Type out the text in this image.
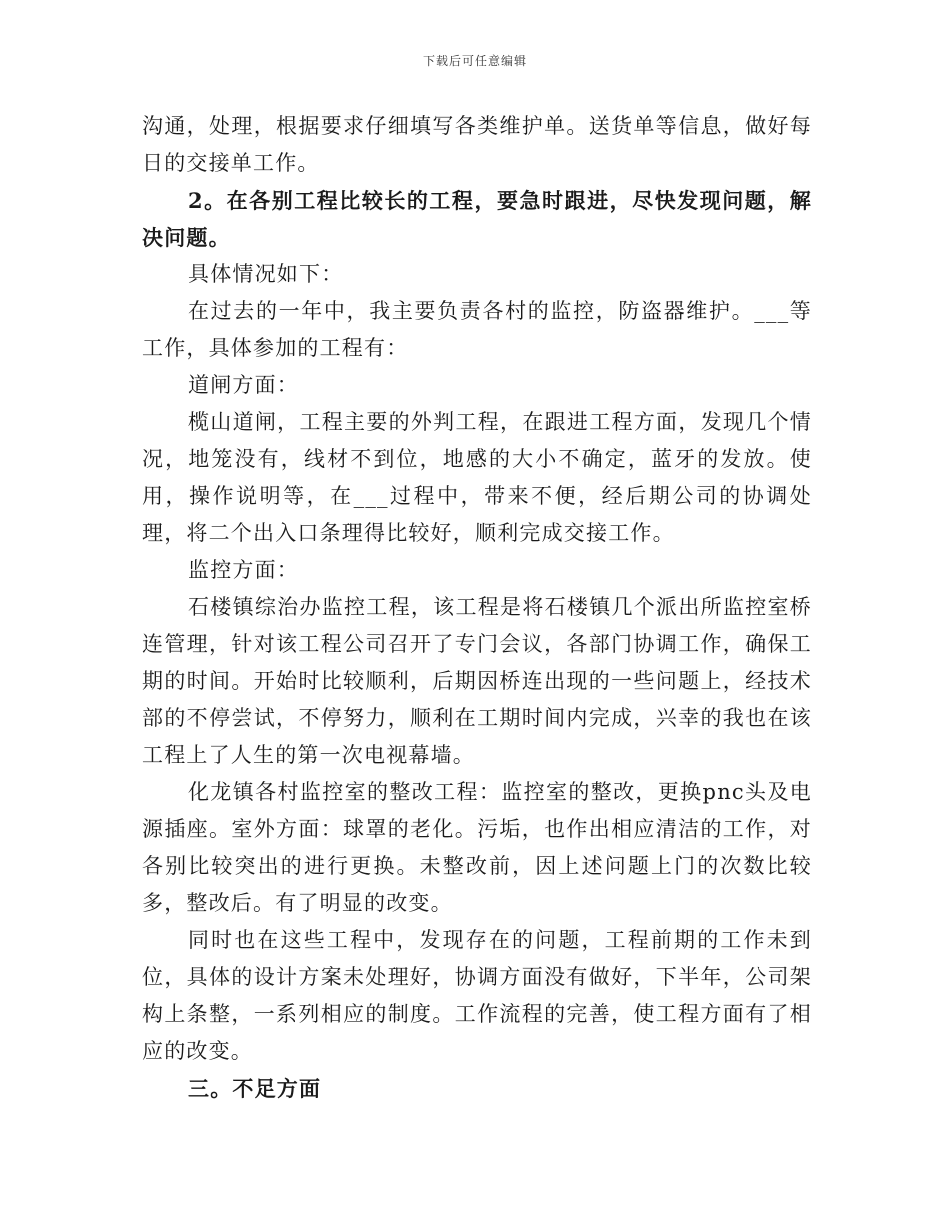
下载后可任意编辑

沟通，处理，根据要求仔细填写各类维护单。送货单等信息，做好每日的交接单工作。

2。在各别工程比较长的工程，要急时跟进，尽快发现问题，解决问题。

具体情况如下：

在过去的一年中，我主要负责各村的监控，防盗器维护。___等工作，具体参加的工程有：

道闸方面：

榄山道闸，工程主要的外判工程，在跟进工程方面，发现几个情况，地笼没有，线材不到位，地感的大小不确定，蓝牙的发放。使用，操作说明等，在___过程中，带来不便，经后期公司的协调处理，将二个出入口条理得比较好，顺利完成交接工作。

监控方面：

石楼镇综治办监控工程，该工程是将石楼镇几个派出所监控室桥连管理，针对该工程公司召开了专门会议，各部门协调工作，确保工期的时间。开始时比较顺利，后期因桥连出现的一些问题上，经技术部的不停尝试，不停努力，顺利在工期时间内完成，兴幸的我也在该工程上了人生的第一次电视幕墙。

化龙镇各村监控室的整改工程：监控室的整改，更换pnc头及电源插座。室外方面：球罩的老化。污垢，也作出相应清洁的工作，对各别比较突出的进行更换。未整改前，因上述问题上门的次数比较多，整改后。有了明显的改变。

同时也在这些工程中，发现存在的问题，工程前期的工作未到位，具体的设计方案未处理好，协调方面没有做好，下半年，公司架构上条整，一系列相应的制度。工作流程的完善，使工程方面有了相应的改变。

三。不足方面
